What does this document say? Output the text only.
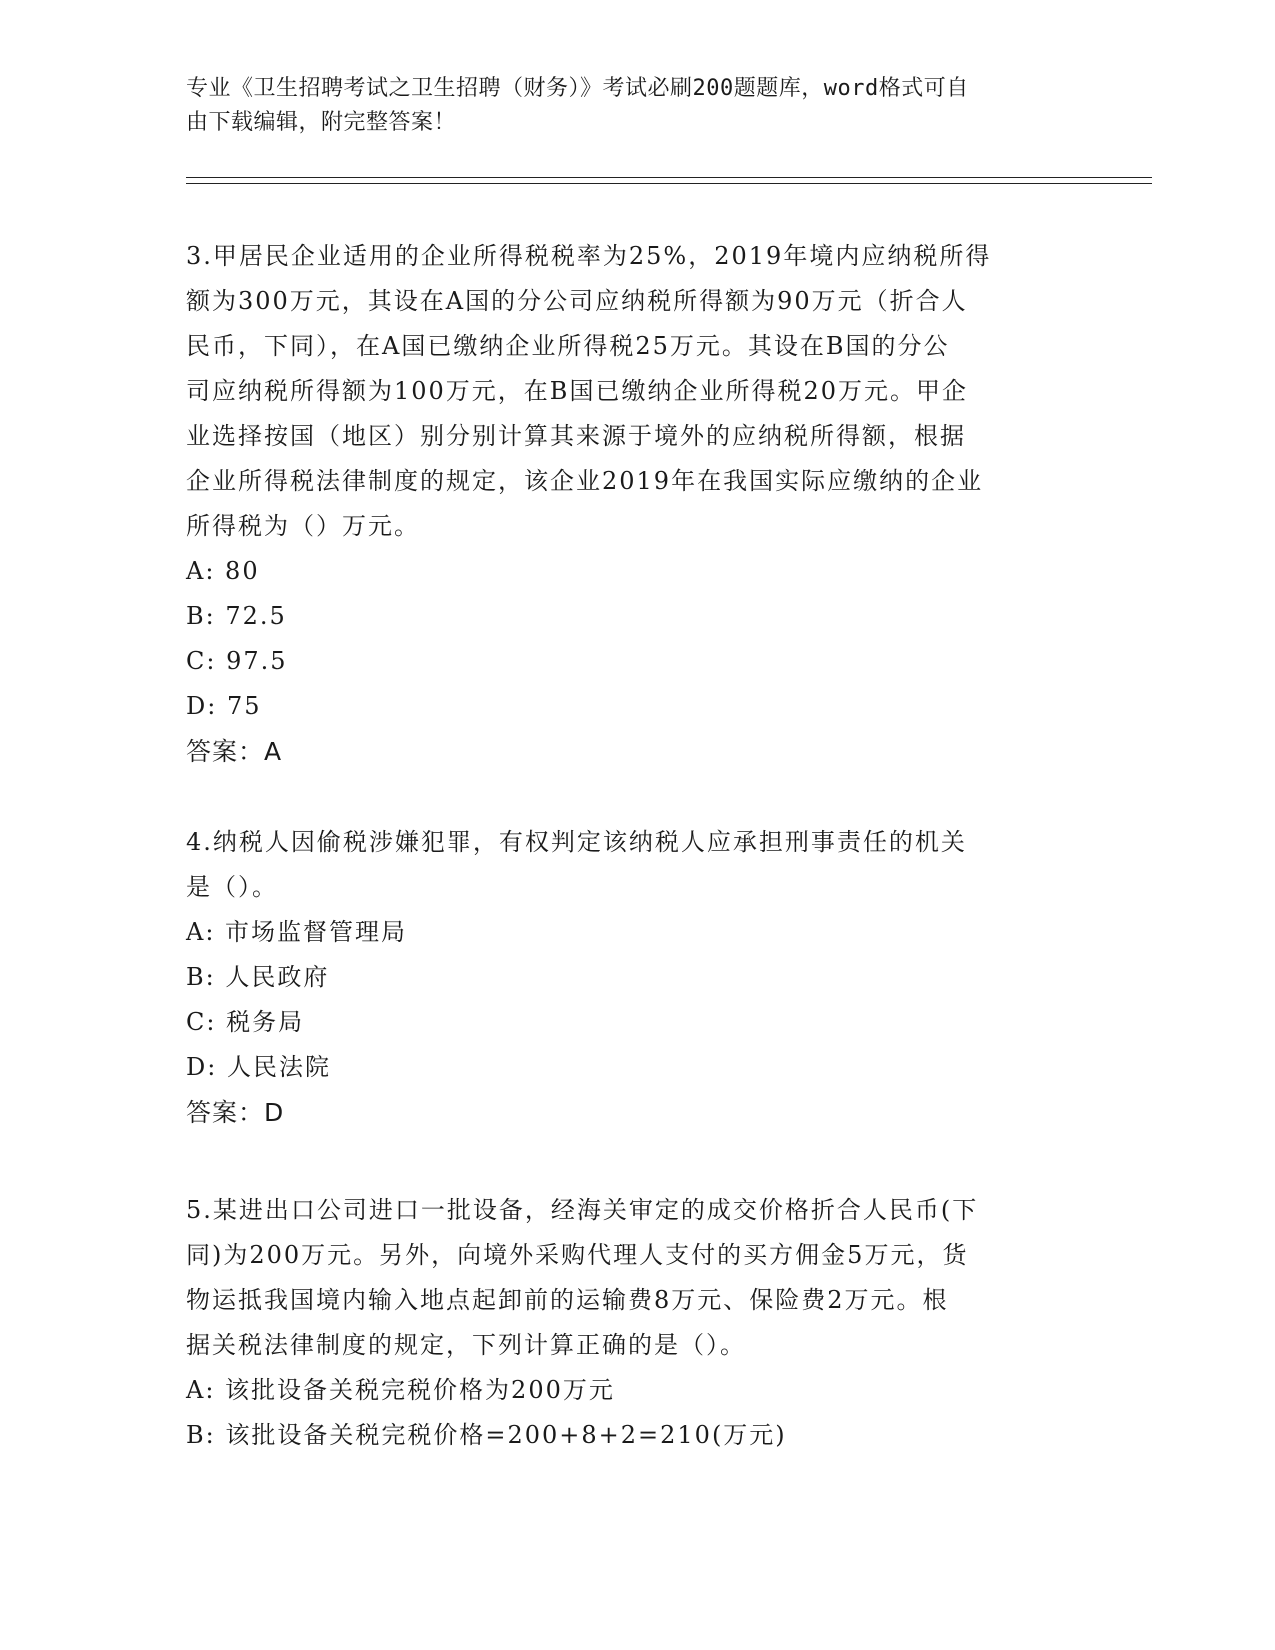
专业《卫生招聘考试之卫生招聘（财务）》考试必刷200题题库，word格式可自
由下载编辑，附完整答案！
3.甲居民企业适用的企业所得税税率为25%，2019年境内应纳税所得
额为300万元，其设在A国的分公司应纳税所得额为90万元（折合人
民币，下同），在A国已缴纳企业所得税25万元。其设在B国的分公
司应纳税所得额为100万元，在B国已缴纳企业所得税20万元。甲企
业选择按国（地区）别分别计算其来源于境外的应纳税所得额，根据
企业所得税法律制度的规定，该企业2019年在我国实际应缴纳的企业
所得税为（）万元。
A: 80
B: 72.5
C: 97.5
D: 75
答案：A
4.纳税人因偷税涉嫌犯罪，有权判定该纳税人应承担刑事责任的机关
是（）。
A: 市场监督管理局
B: 人民政府
C: 税务局
D: 人民法院
答案：D
5.某进出口公司进口一批设备，经海关审定的成交价格折合人民币(下
同)为200万元。另外，向境外采购代理人支付的买方佣金5万元，货
物运抵我国境内输入地点起卸前的运输费8万元、保险费2万元。根
据关税法律制度的规定，下列计算正确的是（）。
A: 该批设备关税完税价格为200万元
B: 该批设备关税完税价格=200+8+2=210(万元)
